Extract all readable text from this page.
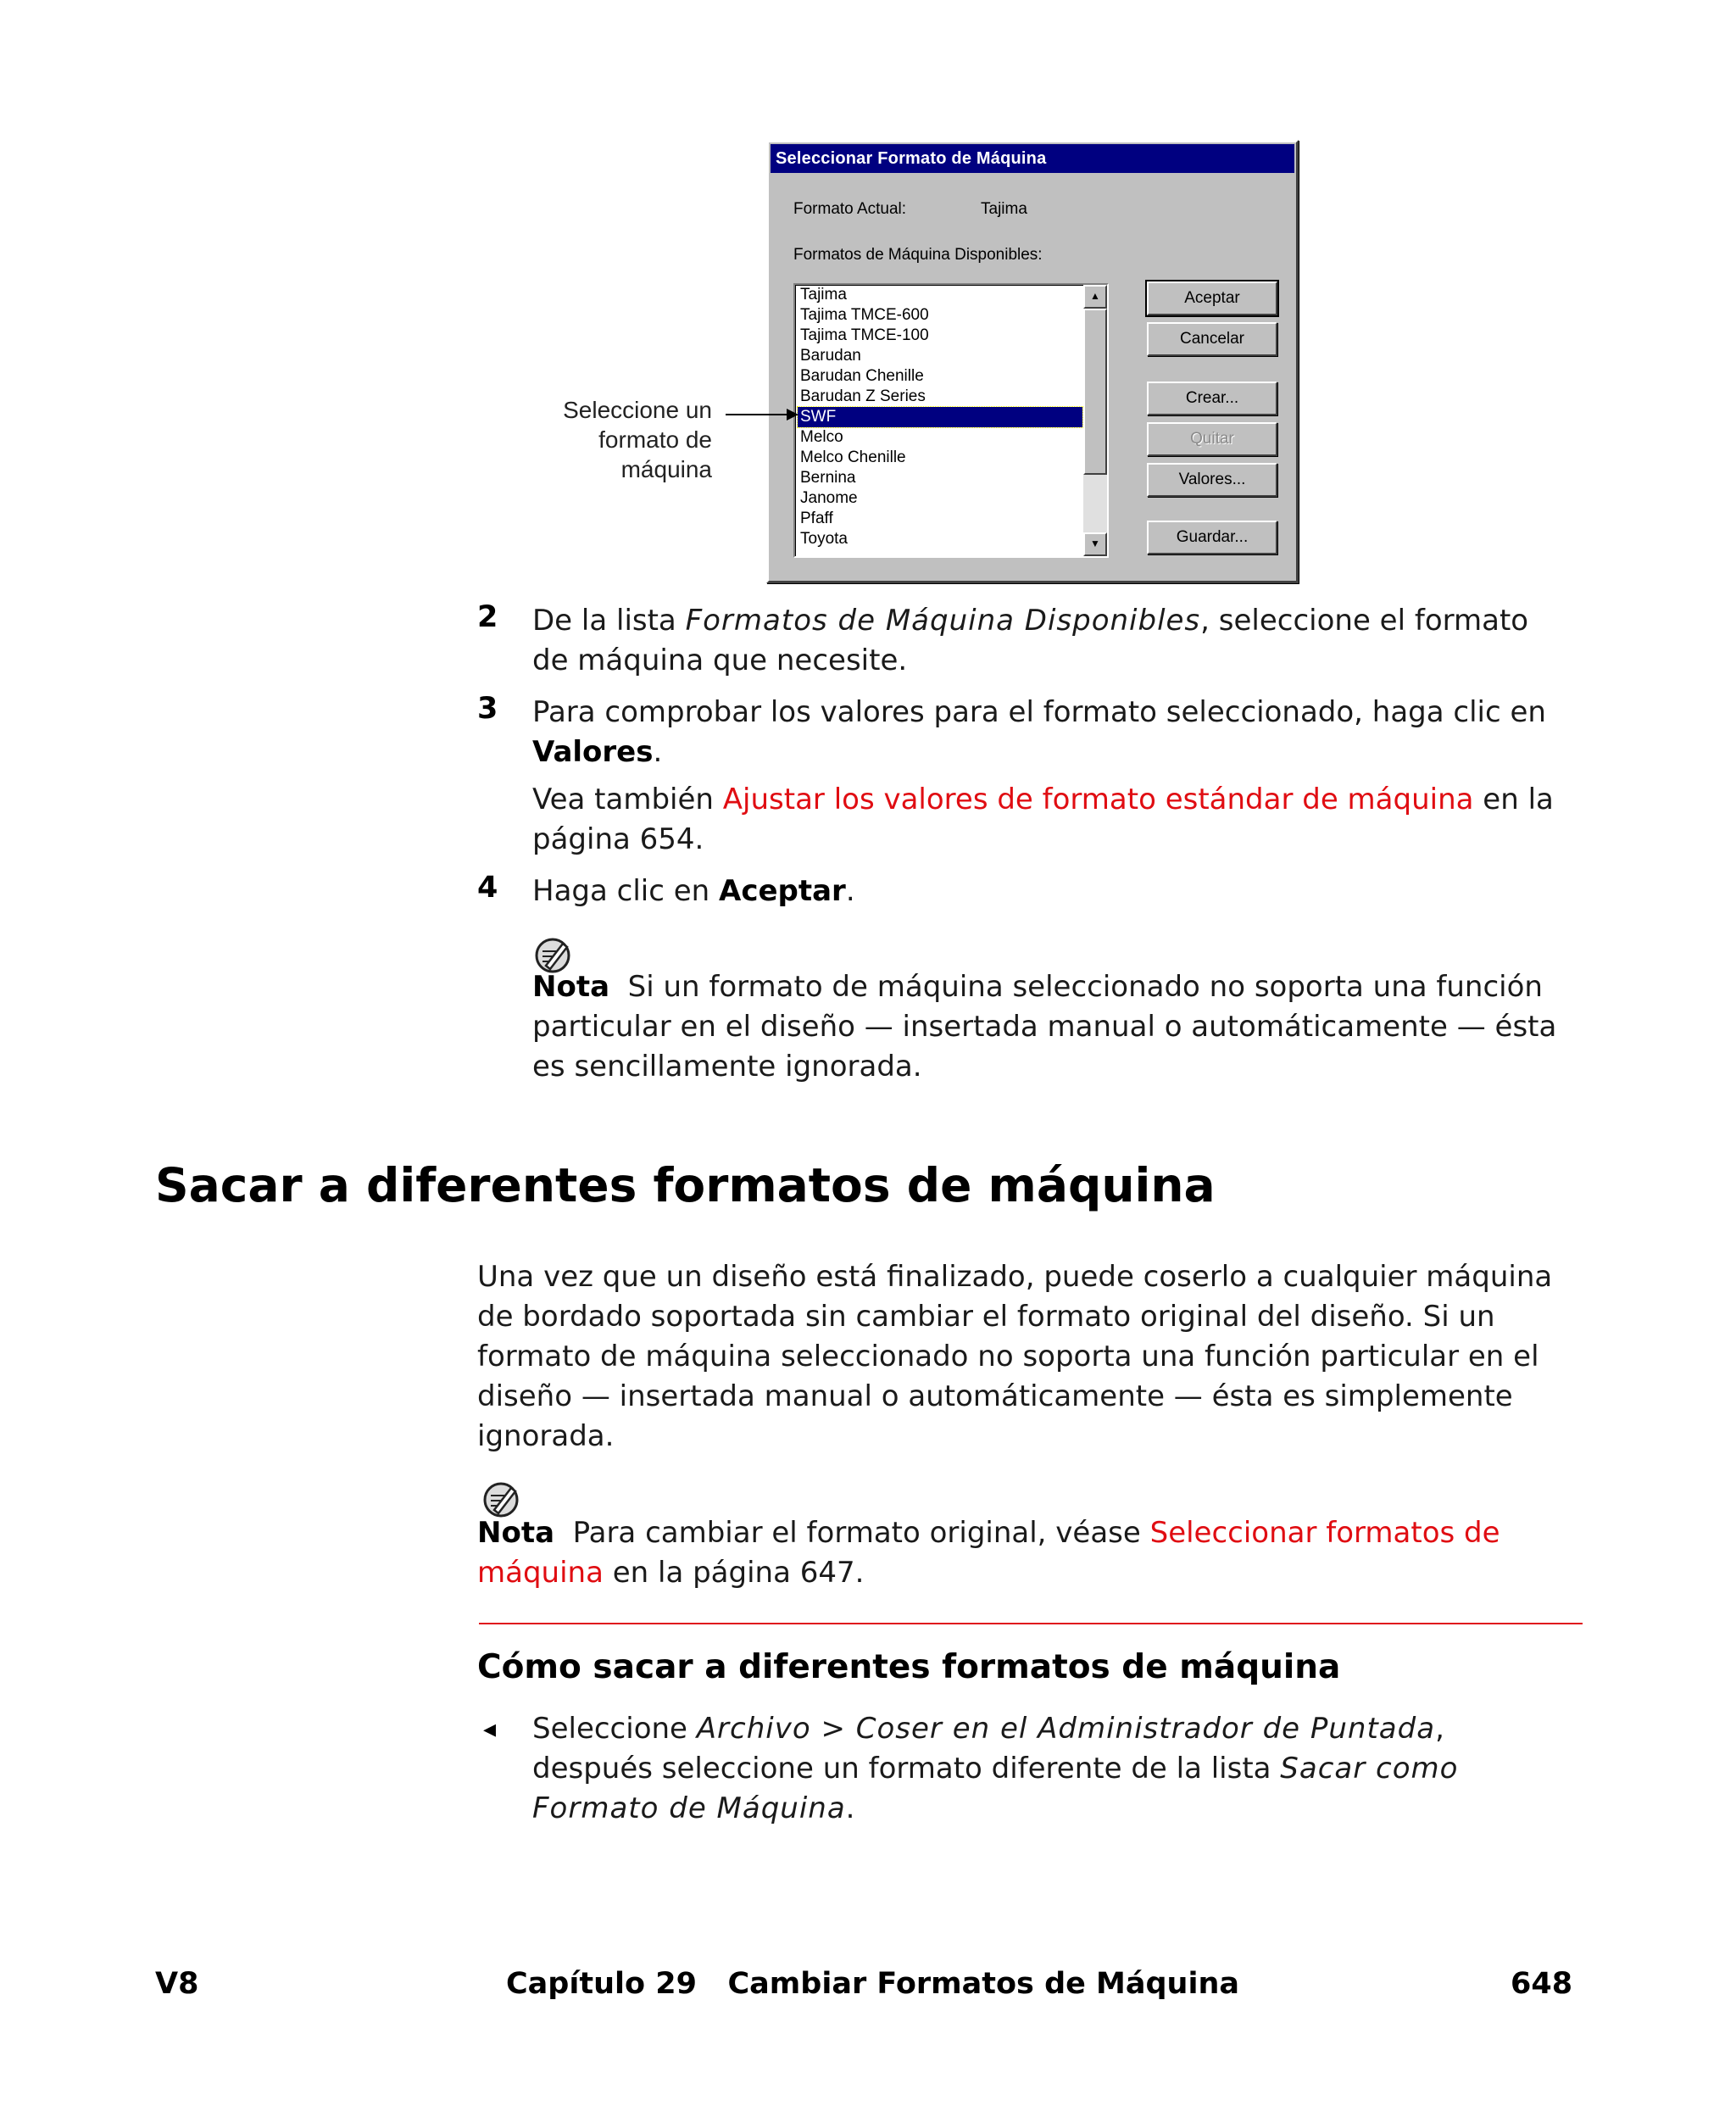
Seleccionar Formato de Máquina
Formato Actual:	Tajima
Formatos de Máquina Disponibles:
Tajima
Tajima TMCE-600
Tajima TMCE-100
Barudan
Barudan Chenille
Barudan Z Series
SWF
Melco
Melco Chenille
Bernina
Janome
Pfaff
Toyota
▲
▼
Aceptar
Cancelar
Crear...
Quitar
Valores...
Guardar...
Seleccione un
formato de
máquina
2 De la lista Formatos de Máquina Disponibles, seleccione el formato
de máquina que necesite.
3 Para comprobar los valores para el formato seleccionado, haga clic en
Valores.
Vea también Ajustar los valores de formato estándar de máquina en la
página 654.
4 Haga clic en Aceptar.
Nota Si un formato de máquina seleccionado no soporta una función
particular en el diseño — insertada manual o automáticamente — ésta
es sencillamente ignorada.
Sacar a diferentes formatos de máquina
Una vez que un diseño está finalizado, puede coserlo a cualquier máquina
de bordado soportada sin cambiar el formato original del diseño. Si un
formato de máquina seleccionado no soporta una función particular en el
diseño — insertada manual o automáticamente — ésta es simplemente
ignorada.
Nota Para cambiar el formato original, véase Seleccionar formatos de
máquina en la página 647.
Cómo sacar a diferentes formatos de máquina
◂ Seleccione Archivo > Coser en el Administrador de Puntada,
después seleccione un formato diferente de la lista Sacar como
Formato de Máquina.
V8	Capítulo 29 Cambiar Formatos de Máquina	648
